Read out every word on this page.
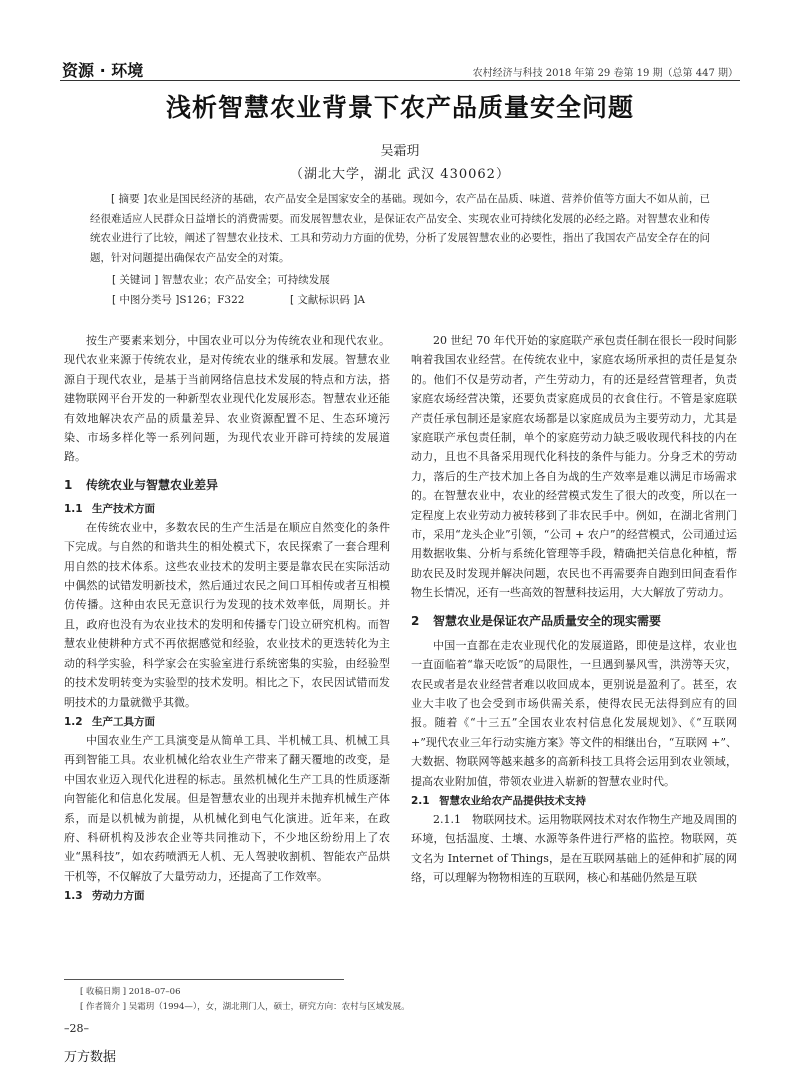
资源 · 环境	农村经济与科技 2018 年第 29 卷第 19 期（总第 447 期）
浅析智慧农业背景下农产品质量安全问题
吴霜玥
（湖北大学，湖北 武汉 430062）
[ 摘要 ]农业是国民经济的基础，农产品安全是国家安全的基础。现如今，农产品在品质、味道、营养价值等方面大不如从前，已经很难适应人民群众日益增长的消费需要。而发展智慧农业，是保证农产品安全、实现农业可持续化发展的必经之路。对智慧农业和传统农业进行了比较，阐述了智慧农业技术、工具和劳动力方面的优势，分析了发展智慧农业的必要性，指出了我国农产品安全存在的问题，针对问题提出确保农产品安全的对策。
[ 关键词 ] 智慧农业；农产品安全；可持续发展
[ 中图分类号 ]S126；F322	[ 文献标识码 ]A

按生产要素来划分，中国农业可以分为传统农业和现代农业。现代农业来源于传统农业，是对传统农业的继承和发展。智慧农业源自于现代农业，是基于当前网络信息技术发展的特点和方法，搭建物联网平台开发的一种新型农业现代化发展形态。智慧农业还能有效地解决农产品的质量差异、农业资源配置不足、生态环境污染、市场多样化等一系列问题，为现代农业开辟可持续的发展道路。

1 传统农业与智慧农业差异
1.1 生产技术方面

在传统农业中，多数农民的生产生活是在顺应自然变化的条件下完成。与自然的和谐共生的相处模式下，农民探索了一套合理利用自然的技术体系。这些农业技术的发明主要是靠农民在实际活动中偶然的试错发明新技术，然后通过农民之间口耳相传或者互相模仿传播。这种由农民无意识行为发现的技术效率低，周期长。并且，政府也没有为农业技术的发明和传播专门设立研究机构。而智慧农业使耕种方式不再依据感觉和经验，农业技术的更迭转化为主动的科学实验，科学家会在实验室进行系统密集的实验，由经验型的技术发明转变为实验型的技术发明。相比之下，农民因试错而发明技术的力量就微乎其微。

1.2 生产工具方面

中国农业生产工具演变是从简单工具、半机械工具、机械工具再到智能工具。农业机械化给农业生产带来了翻天覆地的改变，是中国农业迈入现代化进程的标志。虽然机械化生产工具的性质逐渐向智能化和信息化发展。但是智慧农业的出现并未抛弃机械生产体系，而是以机械为前提，从机械化到电气化演进。近年来，在政府、科研机构及涉农企业等共同推动下，不少地区纷纷用上了农业“黑科技”，如农药喷洒无人机、无人驾驶收割机、智能农产品烘干机等，不仅解放了大量劳动力，还提高了工作效率。

1.3 劳动力方面

20 世纪 70 年代开始的家庭联产承包责任制在很长一段时间影响着我国农业经营。在传统农业中，家庭农场所承担的责任是复杂的。他们不仅是劳动者，产生劳动力，有的还是经营管理者，负责家庭农场经营决策，还要负责家庭成员的衣食住行。不管是家庭联产责任承包制还是家庭农场都是以家庭成员为主要劳动力，尤其是家庭联产承包责任制，单个的家庭劳动力缺乏吸收现代科技的内在动力，且也不具备采用现代化科技的条件与能力。分身乏术的劳动力，落后的生产技术加上各自为战的生产效率是难以满足市场需求的。在智慧农业中，农业的经营模式发生了很大的改变，所以在一定程度上农业劳动力被转移到了非农民手中。例如，在湖北省荆门市，采用“龙头企业”引领，“公司 + 农户”的经营模式，公司通过运用数据收集、分析与系统化管理等手段，精确把关信息化种植，帮助农民及时发现并解决问题，农民也不再需要奔自跑到田间查看作物生长情况，还有一些高效的智慧科技运用，大大解放了劳动力。

2 智慧农业是保证农产品质量安全的现实需要

中国一直都在走农业现代化的发展道路，即使是这样，农业也一直面临着“靠天吃饭”的局限性，一旦遇到暴风雪，洪涝等天灾，农民或者是农业经营者难以收回成本，更别说是盈利了。甚至，农业大丰收了也会受到市场供需关系，使得农民无法得到应有的回报。随着《“十三五”全国农业农村信息化发展规划》、《“互联网 +”现代农业三年行动实施方案》等文件的相继出台，“互联网 +”、大数据、物联网等越来越多的高新科技工具将会运用到农业领域，提高农业附加值，带领农业进入崭新的智慧农业时代。

2.1 智慧农业给农产品提供技术支持

2.1.1　物联网技术。运用物联网技术对农作物生产地及周围的环境，包括温度、土壤、水源等条件进行严格的监控。物联网，英文名为 Internet of Things，是在互联网基础上的延伸和扩展的网络，可以理解为物物相连的互联网，核心和基础仍然是互联

[ 收稿日期 ] 2018–07–06
[ 作者简介 ] 吴霜玥（1994—），女，湖北荆门人，硕士，研究方向：农村与区域发展。
–28–
万方数据
